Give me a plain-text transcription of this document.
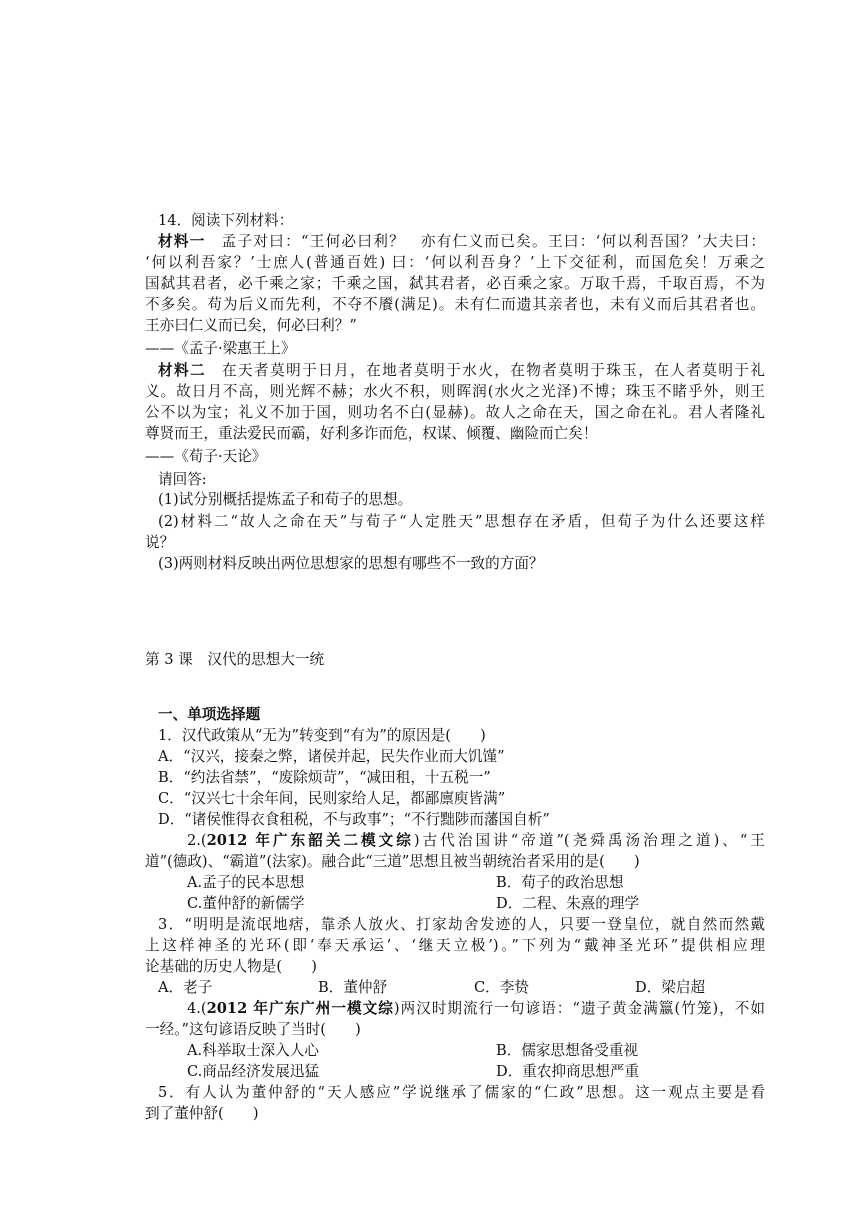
14．阅读下列材料：
材料一　孟子对曰：“王何必曰利？　亦有仁义而已矣。王曰：‘何以利吾国？’大夫曰：
‘何以利吾家？’士庶人(普通百姓) 曰：‘何以利吾身？’上下交征利，而国危矣！万乘之
国弑其君者，必千乘之家；千乘之国，弑其君者，必百乘之家。万取千焉，千取百焉，不为
不多矣。苟为后义而先利，不夺不餍(满足)。未有仁而遗其亲者也，未有义而后其君者也。
王亦曰仁义而已矣，何必曰利？”
——《孟子·梁惠王上》
材料二　在天者莫明于日月，在地者莫明于水火，在物者莫明于珠玉，在人者莫明于礼
义。故日月不高，则光辉不赫；水火不积，则晖润(水火之光泽)不博；珠玉不睹乎外，则王
公不以为宝；礼义不加于国，则功名不白(显赫)。故人之命在天，国之命在礼。君人者隆礼
尊贤而王，重法爱民而霸，好利多诈而危，权谋、倾覆、幽险而亡矣！
——《荀子·天论》
请回答:
(1)试分别概括提炼孟子和荀子的思想。
(2)材料二“故人之命在天”与荀子“人定胜天”思想存在矛盾，但荀子为什么还要这样
说？
(3)两则材料反映出两位思想家的思想有哪些不一致的方面？
第 3 课　汉代的思想大一统
一、单项选择题
1．汉代政策从“无为”转变到“有为”的原因是(　　)
A．“汉兴，接秦之弊，诸侯并起，民失作业而大饥馑”
B．“约法省禁”，“废除烦苛”，“减田租，十五税一”
C．“汉兴七十余年间，民则家给人足，都鄙廪庾皆满”
D．“诸侯惟得衣食租税，不与政事”；“不行黜陟而藩国自析”
2.(2012 年广东韶关二模文综)古代治国讲“帝道”(尧舜禹汤治理之道)、“王
道”(德政)、“霸道”(法家)。融合此“三道”思想且被当朝统治者采用的是(　　)
A.孟子的民本思想	B．荀子的政治思想
C.董仲舒的新儒学	D．二程、朱熹的理学
3．“明明是流氓地痞，靠杀人放火、打家劫舍发迹的人，只要一登皇位，就自然而然戴
上这样神圣的光环(即‘奉天承运’、‘继天立极’)。”下列为“戴神圣光环”提供相应理
论基础的历史人物是(　　)
A．老子	B．董仲舒	C．李贽	D．梁启超
4.(2012 年广东广州一模文综)两汉时期流行一句谚语：“遗子黄金满籝(竹笼)，不如
一经。”这句谚语反映了当时(　　)
A.科举取士深入人心	B．儒家思想备受重视
C.商品经济发展迅猛	D．重农抑商思想严重
5．有人认为董仲舒的“天人感应”学说继承了儒家的“仁政”思想。这一观点主要是看
到了董仲舒(　　)
